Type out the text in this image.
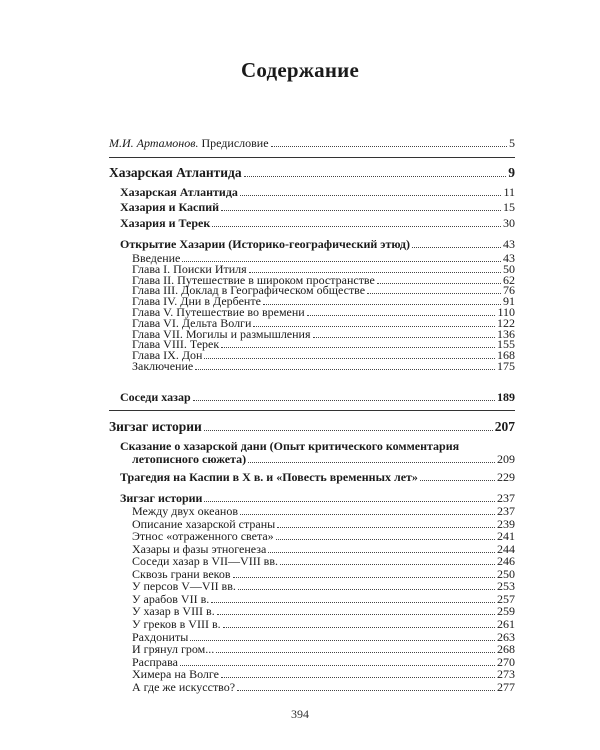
Содержание
М.И. Артамонов. Предисловие	5
Хазарская Атлантида	9
Хазарская Атлантида	11
Хазария и Каспий	15
Хазария и Терек	30
Открытие Хазарии (Историко-географический этюд)	43
Введение	43
Глава I. Поиски Итиля	50
Глава II. Путешествие в широком пространстве	62
Глава III. Доклад в Географическом обществе	76
Глава IV. Дни в Дербенте	91
Глава V. Путешествие во времени	110
Глава VI. Дельта Волги	122
Глава VII. Могилы и размышления	136
Глава VIII. Терек	155
Глава IX. Дон	168
Заключение	175
Соседи хазар	189
Зигзаг истории	207
Сказание о хазарской дани (Опыт критического комментария
летописного сюжета)	209
Трагедия на Каспии в X в. и «Повесть временных лет»	229
Зигзаг истории	237
Между двух океанов	237
Описание хазарской страны	239
Этнос «отраженного света»	241
Хазары и фазы этногенеза	244
Соседи хазар в VII—VIII вв.	246
Сквозь грани веков	250
У персов V—VII вв.	253
У арабов VII в.	257
У хазар в VIII в.	259
У греков в VIII в.	261
Рахдониты	263
И грянул гром...	268
Расправа	270
Химера на Волге	273
А где же искусство?	277
394
